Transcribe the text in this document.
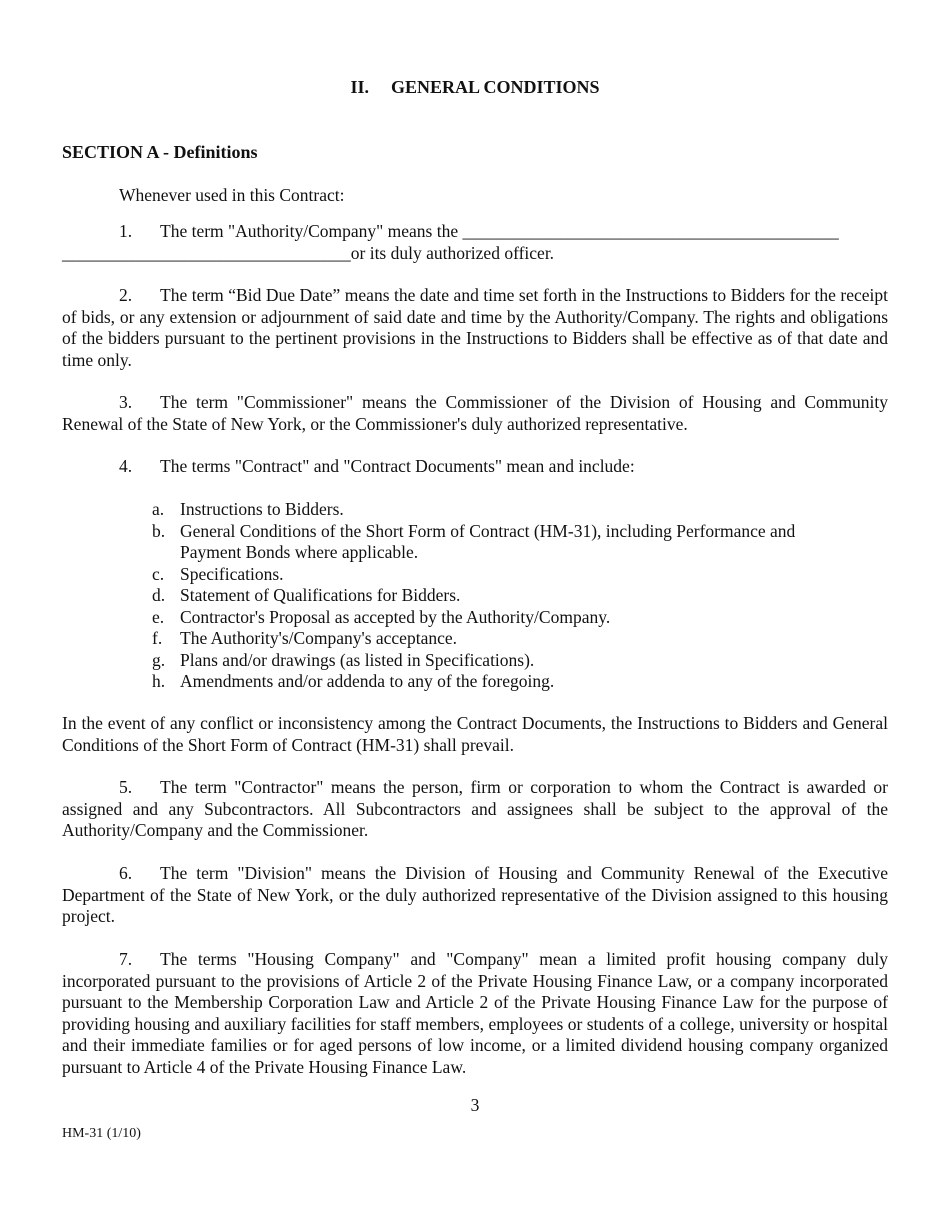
II. GENERAL CONDITIONS
SECTION A - Definitions
Whenever used in this Contract:
1. The term "Authority/Company" means the ___________________________________________
_________________________________or its duly authorized officer.
2. The term “Bid Due Date” means the date and time set forth in the Instructions to Bidders for the receipt of bids, or any extension or adjournment of said date and time by the Authority/Company. The rights and obligations of the bidders pursuant to the pertinent provisions in the Instructions to Bidders shall be effective as of that date and time only.
3. The term "Commissioner" means the Commissioner of the Division of Housing and Community Renewal of the State of New York, or the Commissioner's duly authorized representative.
4. The terms "Contract" and "Contract Documents" mean and include:
a. Instructions to Bidders.
b. General Conditions of the Short Form of Contract (HM-31), including Performance and Payment Bonds where applicable.
c. Specifications.
d. Statement of Qualifications for Bidders.
e. Contractor's Proposal as accepted by the Authority/Company.
f.	The Authority's/Company's acceptance.
g. Plans and/or drawings (as listed in Specifications).
h. Amendments and/or addenda to any of the foregoing.
In the event of any conflict or inconsistency among the Contract Documents, the Instructions to Bidders and General Conditions of the Short Form of Contract (HM-31) shall prevail.
5. The term "Contractor" means the person, firm or corporation to whom the Contract is awarded or assigned and any Subcontractors. All Subcontractors and assignees shall be subject to the approval of the Authority/Company and the Commissioner.
6. The term "Division" means the Division of Housing and Community Renewal of the Executive Department of the State of New York, or the duly authorized representative of the Division assigned to this housing project.
7. The terms "Housing Company" and "Company" mean a limited profit housing company duly incorporated pursuant to the provisions of Article 2 of the Private Housing Finance Law, or a company incorporated pursuant to the Membership Corporation Law and Article 2 of the Private Housing Finance Law for the purpose of providing housing and auxiliary facilities for staff members, employees or students of a college, university or hospital and their immediate families or for aged persons of low income, or a limited dividend housing company organized pursuant to Article 4 of the Private Housing Finance Law.
3
HM-31 (1/10)
